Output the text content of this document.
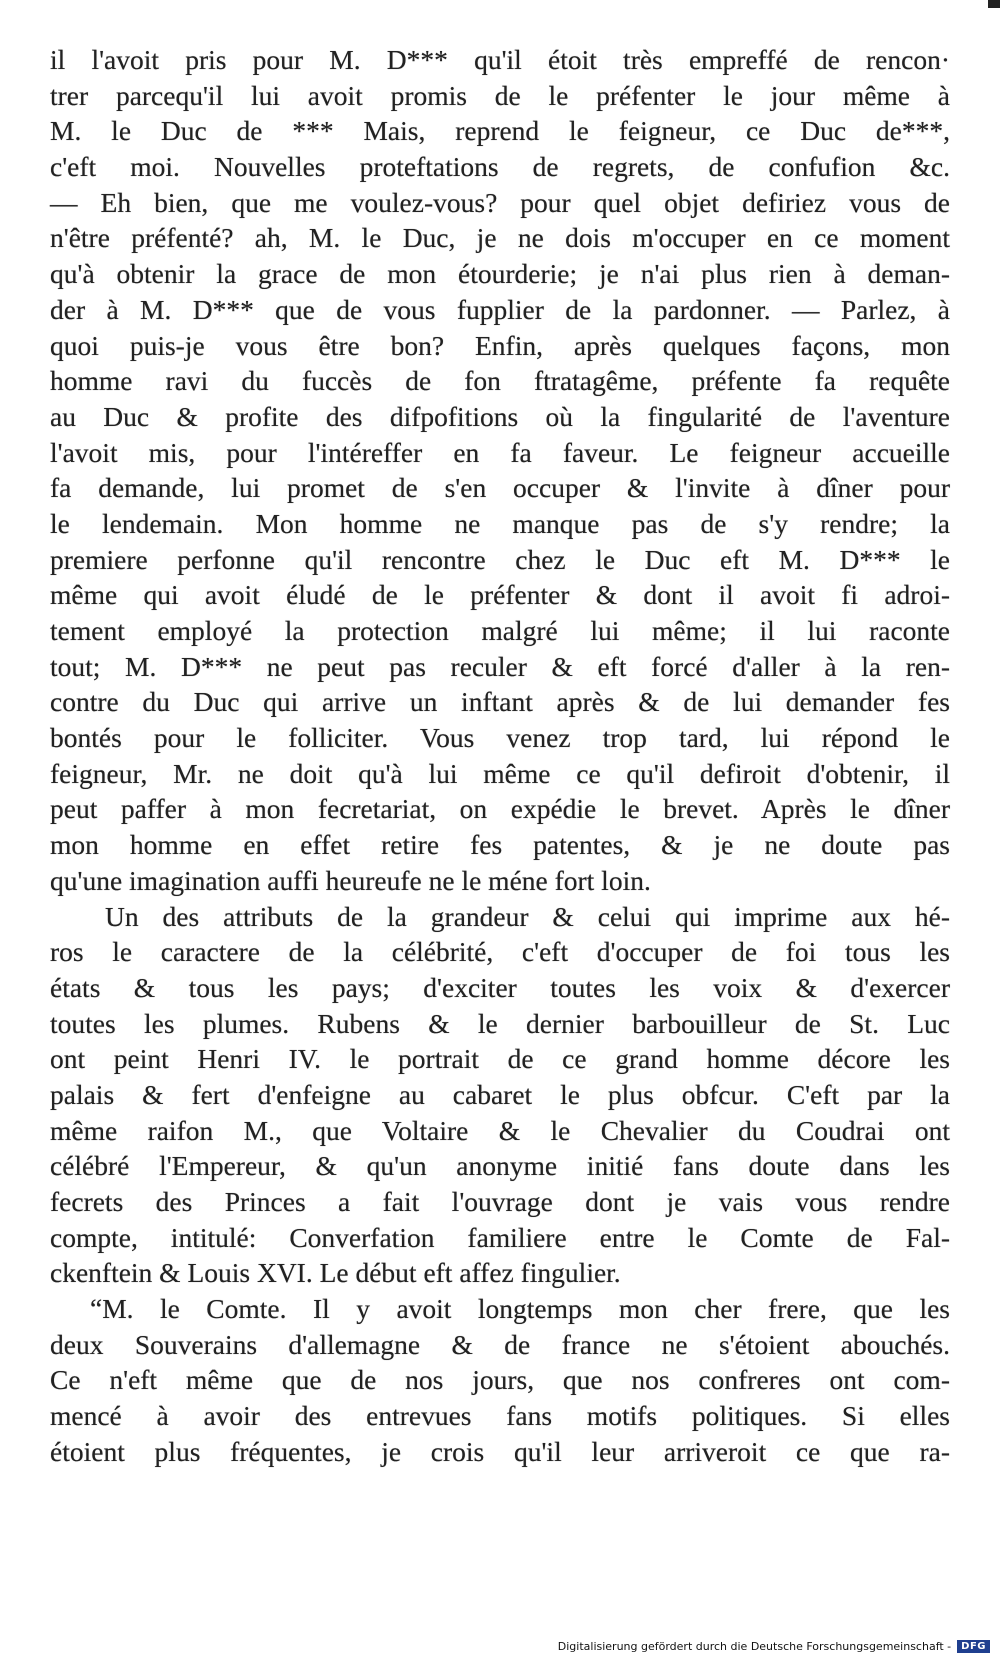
il l'avoit pris pour M. D*** qu'il étoit très empreffé de rencon·
trer parcequ'il lui avoit promis de le préfenter le jour même à
M. le Duc de *** Mais, reprend le feigneur, ce Duc de***,
c'eft moi. Nouvelles proteftations de regrets, de confufion &c.
— Eh bien, que me voulez-vous? pour quel objet defiriez vous de
n'être préfenté? ah, M. le Duc, je ne dois m'occuper en ce moment
qu'à obtenir la grace de mon étourderie; je n'ai plus rien à deman-
der à M. D*** que de vous fupplier de la pardonner. — Parlez, à
quoi puis-je vous être bon? Enfin, après quelques façons, mon
homme ravi du fuccès de fon ftratagême, préfente fa requête
au Duc & profite des difpofitions où la fingularité de l'aventure
l'avoit mis, pour l'intéreffer en fa faveur. Le feigneur accueille
fa demande, lui promet de s'en occuper & l'invite à dîner pour
le lendemain. Mon homme ne manque pas de s'y rendre; la
premiere perfonne qu'il rencontre chez le Duc eft M. D*** le
même qui avoit éludé de le préfenter & dont il avoit fi adroi-
tement employé la protection malgré lui même; il lui raconte
tout; M. D*** ne peut pas reculer & eft forcé d'aller à la ren-
contre du Duc qui arrive un inftant après & de lui demander fes
bontés pour le folliciter. Vous venez trop tard, lui répond le
feigneur, Mr. ne doit qu'à lui même ce qu'il defiroit d'obtenir, il
peut paffer à mon fecretariat, on expédie le brevet. Après le dîner
mon homme en effet retire fes patentes, & je ne doute pas
qu'une imagination auffi heureufe ne le méne fort loin.
Un des attributs de la grandeur & celui qui imprime aux hé-
ros le caractere de la célébrité, c'eft d'occuper de foi tous les
états & tous les pays; d'exciter toutes les voix & d'exercer
toutes les plumes. Rubens & le dernier barbouilleur de St. Luc
ont peint Henri IV. le portrait de ce grand homme décore les
palais & fert d'enfeigne au cabaret le plus obfcur. C'eft par la
même raifon M., que Voltaire & le Chevalier du Coudrai ont
célébré l'Empereur, & qu'un anonyme initié fans doute dans les
fecrets des Princes a fait l'ouvrage dont je vais vous rendre
compte, intitulé: Converfation familiere entre le Comte de Fal-
ckenftein & Louis XVI. Le début eft affez fingulier.
“M. le Comte. Il y avoit longtemps mon cher frere, que les
deux Souverains d'allemagne & de france ne s'étoient abouchés.
Ce n'eft même que de nos jours, que nos confreres ont com-
mencé à avoir des entrevues fans motifs politiques. Si elles
étoient plus fréquentes, je crois qu'il leur arriveroit ce que ra-
Digitalisierung gefördert durch die Deutsche Forschungsgemeinschaft -	DFG
